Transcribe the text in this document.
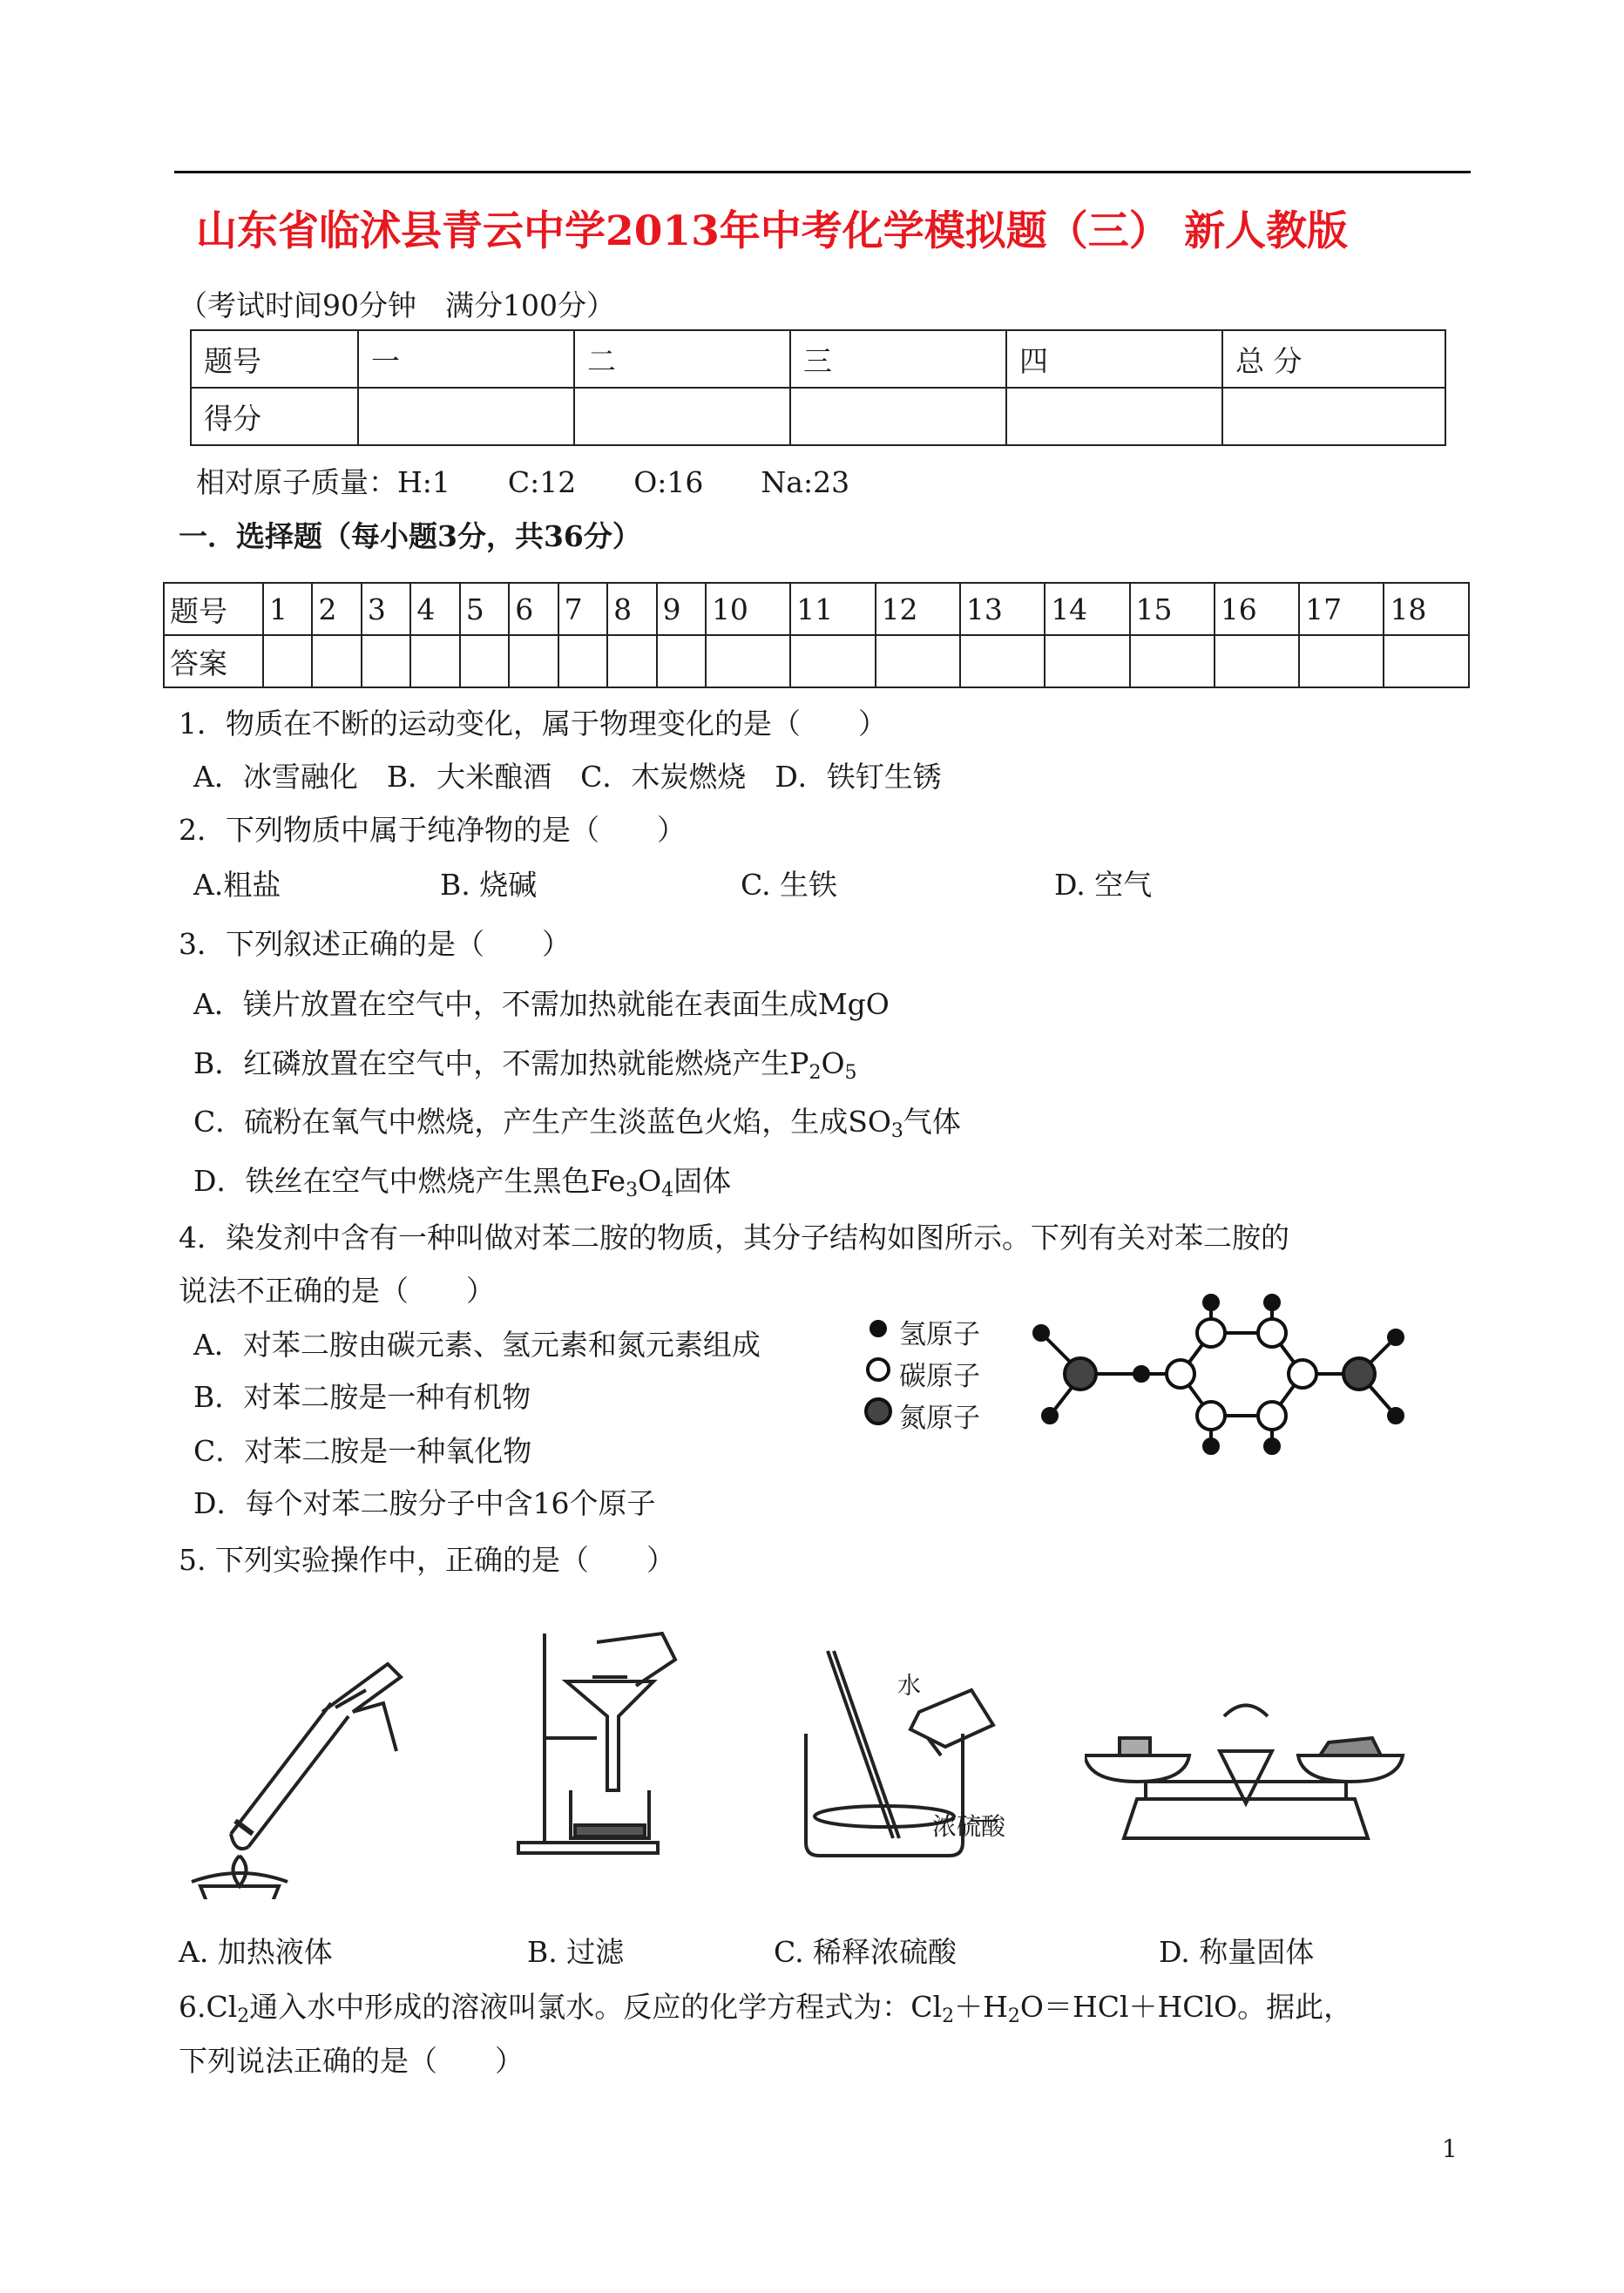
山东省临沭县青云中学2013年中考化学模拟题（三） 新人教版
（考试时间90分钟　满分100分）
题号	一	二	三	四	总 分
得分					
相对原子质量：H:1　　C:12　　O:16　　Na:23
一．选择题（每小题3分，共36分）
题号	1	2	3	4	5	6	7	8	9	10	11	12	13	14	15	16	17	18
答案																		
1．物质在不断的运动变化，属于物理变化的是（　　）
A．冰雪融化　B．大米酿酒　C．木炭燃烧　D．铁钉生锈
2．下列物质中属于纯净物的是（　　）
A.粗盐	B. 烧碱	C. 生铁	D. 空气
3．下列叙述正确的是（　　）
A．镁片放置在空气中，不需加热就能在表面生成MgO
B．红磷放置在空气中，不需加热就能燃烧产生$P_2O_5$
C．硫粉在氧气中燃烧，产生产生淡蓝色火焰，生成$SO_3$气体
D．铁丝在空气中燃烧产生黑色$Fe_3O_4$固体
4．染发剂中含有一种叫做对苯二胺的物质，其分子结构如图所示。下列有关对苯二胺的
说法不正确的是（　　）
A．对苯二胺由碳元素、氢元素和氮元素组成
B．对苯二胺是一种有机物
C．对苯二胺是一种氧化物
D．每个对苯二胺分子中含16个原子
氢原子
碳原子
氮原子
5. 下列实验操作中，正确的是（　　）
水
浓硫酸
A. 加热液体	B. 过滤	C. 稀释浓硫酸	D. 称量固体
$6.Cl_2$通入水中形成的溶液叫氯水。反应的化学方程式为：$Cl_2+H_2O=HCl+HClO$。据此，
下列说法正确的是（　　）
1
